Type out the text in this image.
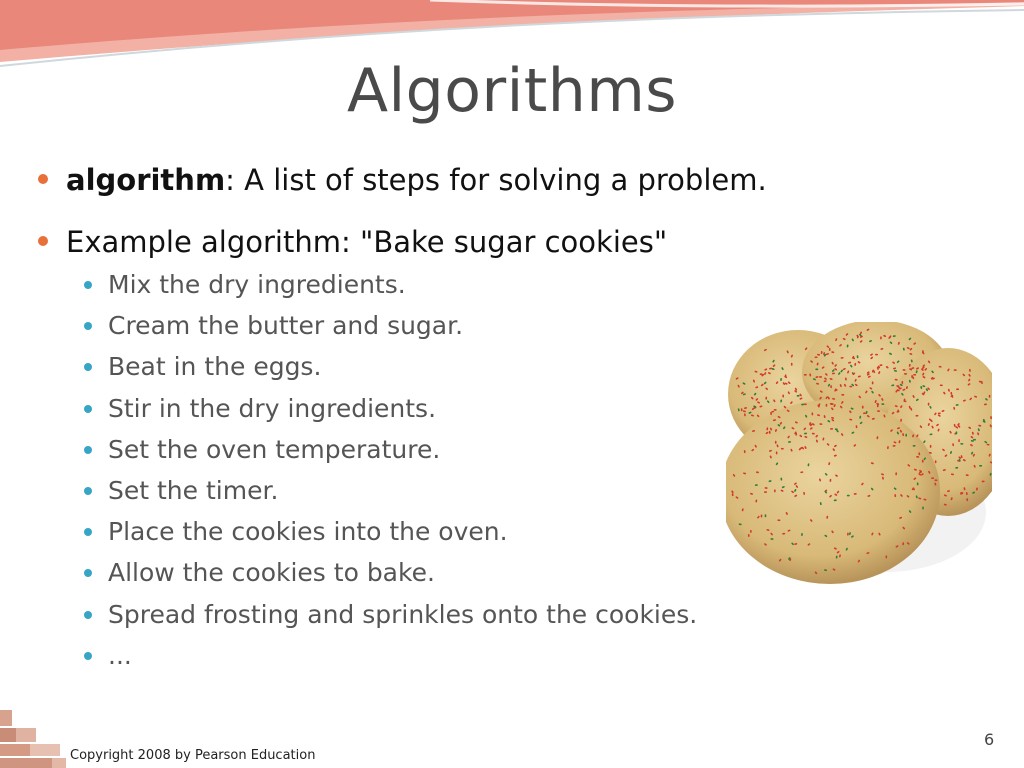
Algorithms
algorithm: A list of steps for solving a problem.
Example algorithm: "Bake sugar cookies"
Mix the dry ingredients.
Cream the butter and sugar.
Beat in the eggs.
Stir in the dry ingredients.
Set the oven temperature.
Set the timer.
Place the cookies into the oven.
Allow the cookies to bake.
Spread frosting and sprinkles onto the cookies.
...
Copyright 2008 by Pearson Education
6
